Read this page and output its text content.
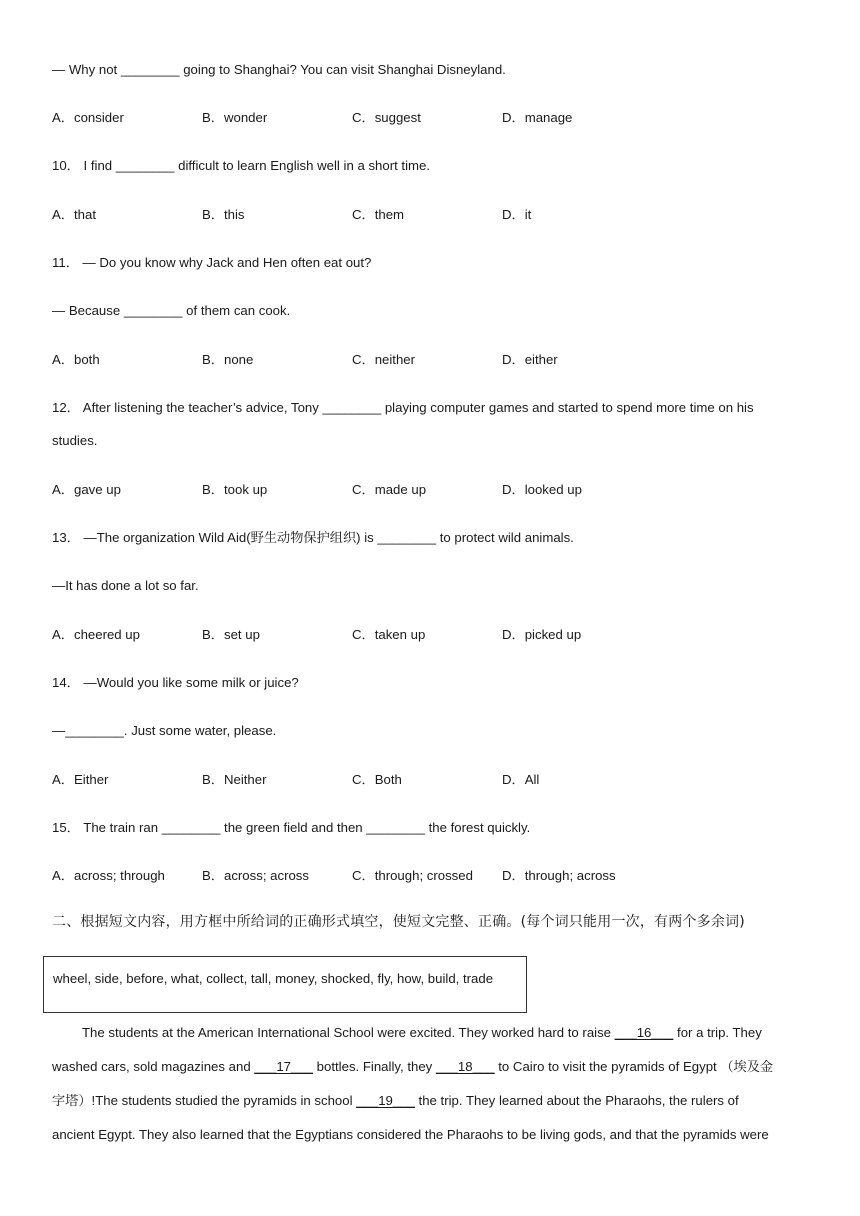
— Why not ________ going to Shanghai? You can visit Shanghai Disneyland.
A．consider	B．wonder	C．suggest	D．manage
10． I find ________ difficult to learn English well in a short time.
A．that	B．this	C．them	D．it
11． — Do you know why Jack and Hen often eat out?
— Because ________ of them can cook.
A．both	B．none	C．neither	D．either
12． After listening the teacher’s advice, Tony ________ playing computer games and started to spend more time on his
studies.
A．gave up	B．took up	C．made up	D．looked up
13． —The organization Wild Aid(野生动物保护组织) is ________ to protect wild animals.
—It has done a lot so far.
A．cheered up	B．set up	C．taken up	D．picked up
14． —Would you like some milk or juice?
—________. Just some water, please.
A．Either	B．Neither	C．Both	D．All
15． The train ran ________ the green field and then ________ the forest quickly.
A．across; through	B．across; across	C．through; crossed D．through; across
二、根据短文内容，用方框中所给词的正确形式填空，使短文完整、正确。(每个词只能用一次，有两个多余词)
wheel, side, before, what, collect, tall, money, shocked, fly, how, build, trade
The students at the American International School were excited. They worked hard to raise ___16___ for a trip. They
washed cars, sold magazines and ___17___ bottles. Finally, they ___18___ to Cairo to visit the pyramids of Egypt （埃及金
字塔）!The students studied the pyramids in school ___19___ the trip. They learned about the Pharaohs, the rulers of
ancient Egypt. They also learned that the Egyptians considered the Pharaohs to be living gods, and that the pyramids were
